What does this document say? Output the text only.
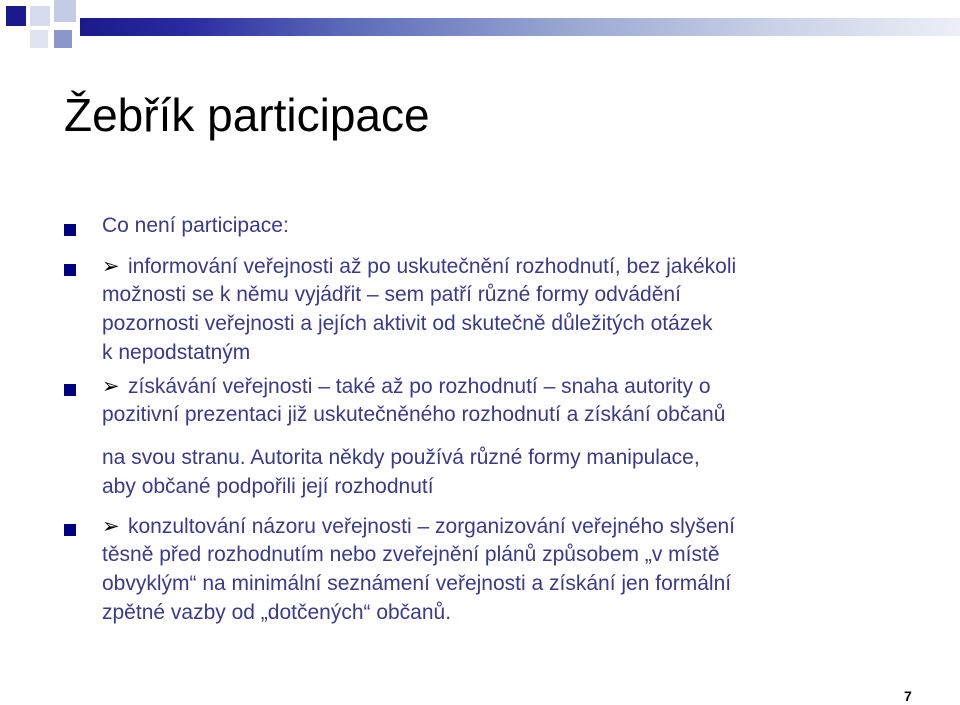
Žebřík participace
Co není participace:
➢ informování veřejnosti až po uskutečnění rozhodnutí, bez jakékoli
možnosti se k němu vyjádřit – sem patří různé formy odvádění
pozornosti veřejnosti a jejích aktivit od skutečně důležitých otázek
k nepodstatným
➢ získávání veřejnosti – také až po rozhodnutí – snaha autority o
pozitivní prezentaci již uskutečněného rozhodnutí a získání občanů
na svou stranu. Autorita někdy používá různé formy manipulace,
aby občané podpořili její rozhodnutí
➢ konzultování názoru veřejnosti – zorganizování veřejného slyšení
těsně před rozhodnutím nebo zveřejnění plánů způsobem „v místě
obvyklým“ na minimální seznámení veřejnosti a získání jen formální
zpětné vazby od „dotčených“ občanů.
7
